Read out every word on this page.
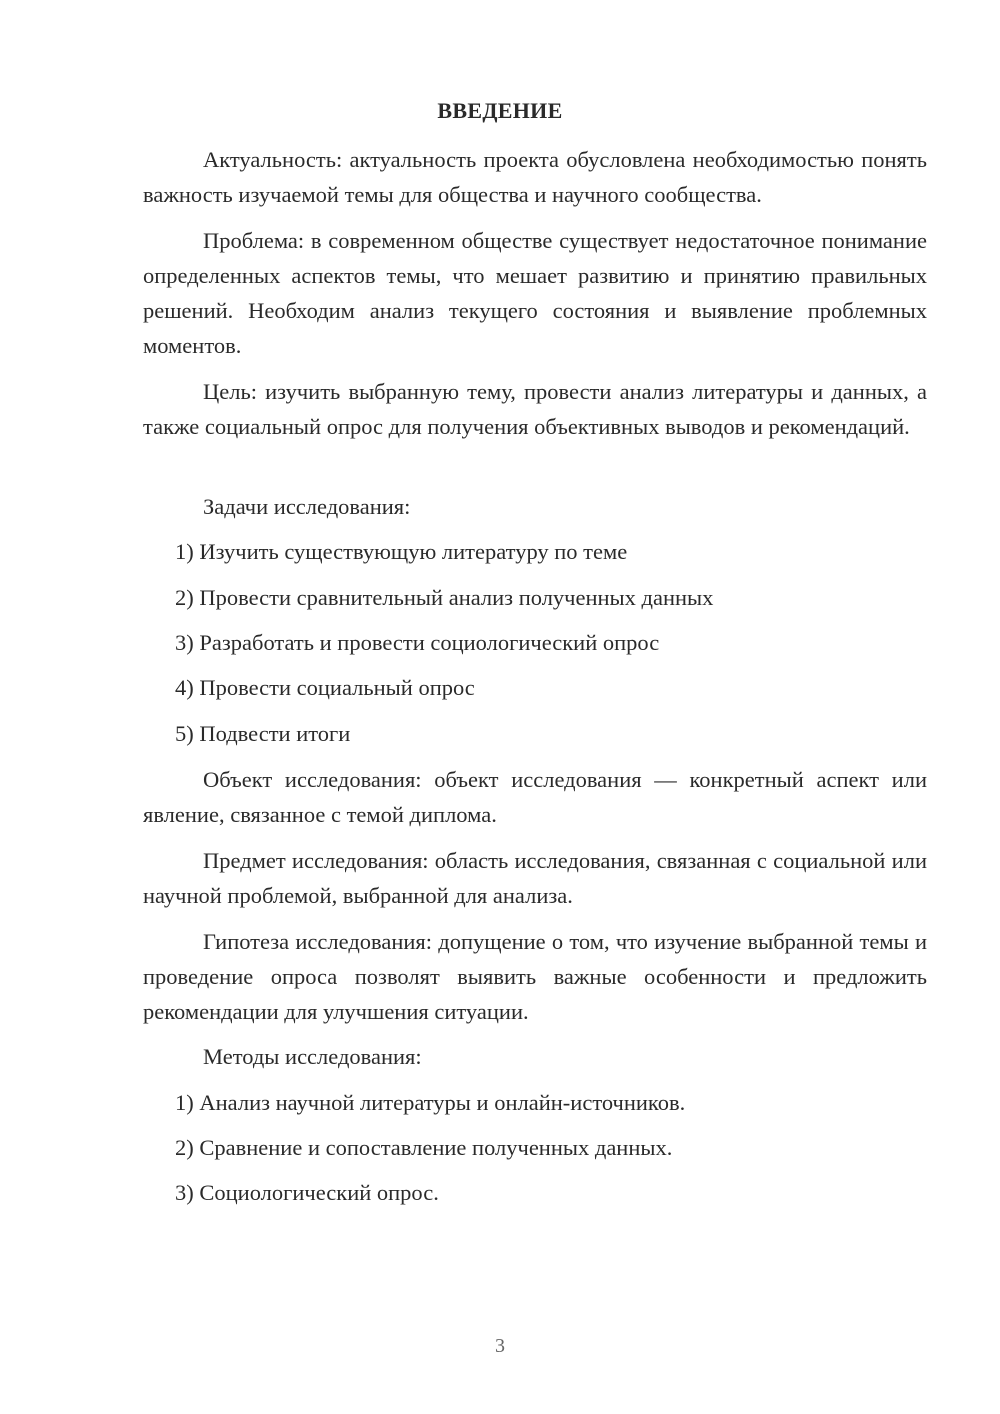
ВВЕДЕНИЕ

Актуальность: актуальность проекта обусловлена необходимостью понять важность изучаемой темы для общества и научного сообщества.

Проблема: в современном обществе существует недостаточное понимание определенных аспектов темы, что мешает развитию и принятию правильных решений. Необходим анализ текущего состояния и выявление проблемных моментов.

Цель: изучить выбранную тему, провести анализ литературы и данных, а также социальный опрос для получения объективных выводов и рекомендаций.

Задачи исследования:
1) Изучить существующую литературу по теме
2) Провести сравнительный анализ полученных данных
3) Разработать и провести социологический опрос
4) Провести социальный опрос
5) Подвести итоги

Объект исследования: объект исследования — конкретный аспект или явление, связанное с темой диплома.

Предмет исследования: область исследования, связанная с социальной или научной проблемой, выбранной для анализа.

Гипотеза исследования: допущение о том, что изучение выбранной темы и проведение опроса позволят выявить важные особенности и предложить рекомендации для улучшения ситуации.

Методы исследования:
1) Анализ научной литературы и онлайн-источников.
2) Сравнение и сопоставление полученных данных.
3) Социологический опрос.
3
